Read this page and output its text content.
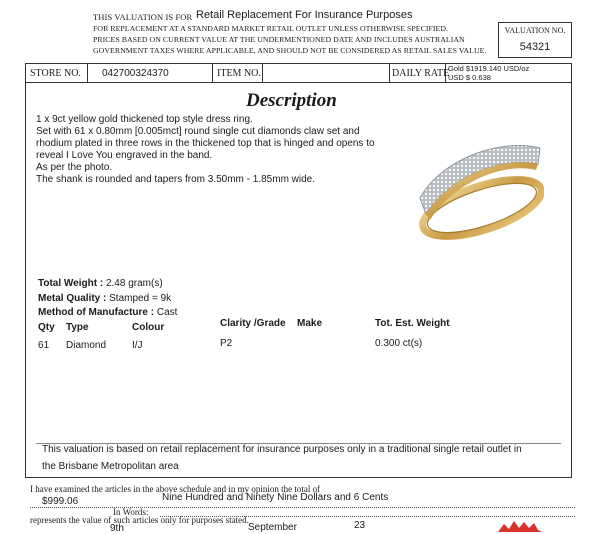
THIS VALUATION IS FOR Retail Replacement For Insurance Purposes
FOR REPLACEMENT AT A STANDARD MARKET RETAIL OUTLET UNLESS OTHERWISE SPECIFIED.
PRICES BASED ON CURRENT VALUE AT THE UNDERMENTIONED DATE AND INCLUDES AUSTRALIAN
GOVERNMENT TAXES WHERE APPLICABLE, AND SHOULD NOT BE CONSIDERED AS RETAIL SALES VALUE.
VALUATION NO.
54321
STORE NO. 042700324370	ITEM NO.	DAILY RATE
Gold $1919.140 USD/oz
USD $ 0.638
Description
1 x 9ct yellow gold thickened top style dress ring.
Set with 61 x 0.80mm [0.005mct] round single cut diamonds claw set and
rhodium plated in three rows in the thickened top that is hinged and opens to
reveal I Love You engraved in the band.
As per the photo.
The shank is rounded and tapers from 3.50mm - 1.85mm wide.
Total Weight : 2.48 gram(s)
Metal Quality : Stamped = 9k
Method of Manufacture : Cast
Qty Type	Colour	Clarity /Grade Make	Tot. Est. Weight
61 Diamond	I/J	P2	0.300 ct(s)
This valuation is based on retail replacement for insurance purposes only in a traditional single retail outlet in
the Brisbane Metropolitan area
I have examined the articles in the above schedule and in my opinion the total of
$999.06	Nine Hundred and Ninety Nine Dollars and 6 Cents
In Words:
represents the value of such articles only for purposes stated.
9th	September	23
